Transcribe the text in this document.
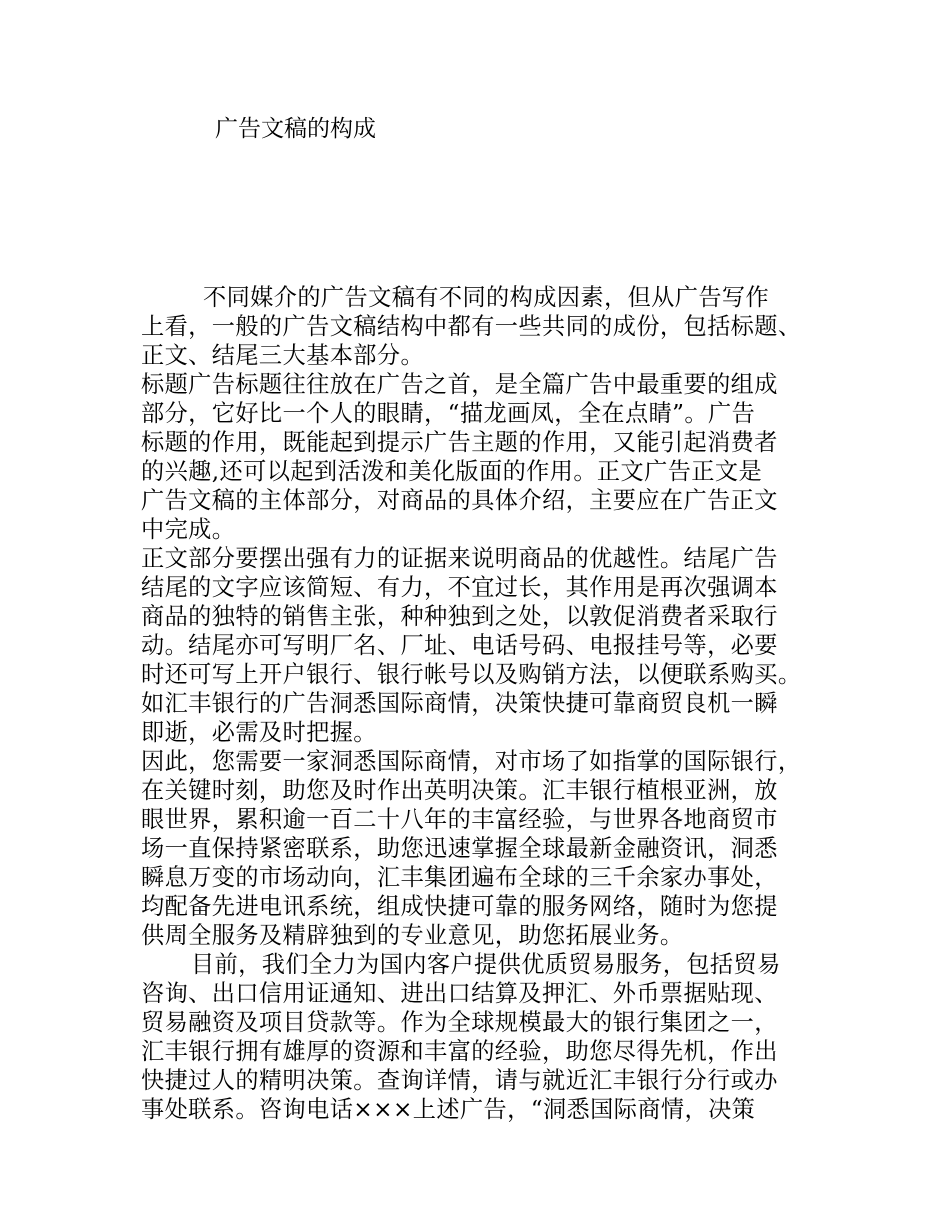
广告文稿的构成
不同媒介的广告文稿有不同的构成因素，但从广告写作
上看，一般的广告文稿结构中都有一些共同的成份，包括标题、
正文、结尾三大基本部分。
标题广告标题往往放在广告之首，是全篇广告中最重要的组成
部分，它好比一个人的眼睛，“描龙画凤，全在点睛”。广告
标题的作用，既能起到提示广告主题的作用，又能引起消费者
的兴趣,还可以起到活泼和美化版面的作用。正文广告正文是
广告文稿的主体部分，对商品的具体介绍，主要应在广告正文
中完成。
正文部分要摆出强有力的证据来说明商品的优越性。结尾广告
结尾的文字应该简短、有力，不宜过长，其作用是再次强调本
商品的独特的销售主张，种种独到之处，以敦促消费者采取行
动。结尾亦可写明厂名、厂址、电话号码、电报挂号等，必要
时还可写上开户银行、银行帐号以及购销方法，以便联系购买。
如汇丰银行的广告洞悉国际商情，决策快捷可靠商贸良机一瞬
即逝，必需及时把握。
因此，您需要一家洞悉国际商情，对市场了如指掌的国际银行，
在关键时刻，助您及时作出英明决策。汇丰银行植根亚洲，放
眼世界，累积逾一百二十八年的丰富经验，与世界各地商贸市
场一直保持紧密联系，助您迅速掌握全球最新金融资讯，洞悉
瞬息万变的市场动向，汇丰集团遍布全球的三千余家办事处，
均配备先进电讯系统，组成快捷可靠的服务网络，随时为您提
供周全服务及精辟独到的专业意见，助您拓展业务。
目前，我们全力为国内客户提供优质贸易服务，包括贸易
咨询、出口信用证通知、进出口结算及押汇、外币票据贴现、
贸易融资及项目贷款等。作为全球规模最大的银行集团之一，
汇丰银行拥有雄厚的资源和丰富的经验，助您尽得先机，作出
快捷过人的精明决策。查询详情，请与就近汇丰银行分行或办
事处联系。咨询电话×××上述广告，“洞悉国际商情，决策
